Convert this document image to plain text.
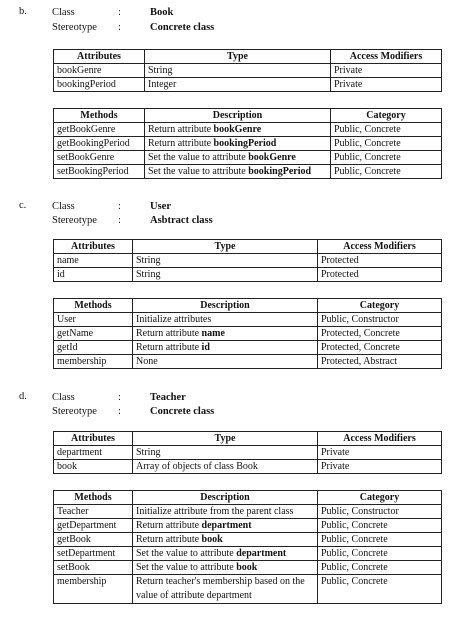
b. Class	:	Book
Stereotype :	Concrete class
Attributes	Type	Access Modifiers
bookGenre	String	Private
bookingPeriod	Integer	Private
Methods	Description	Category
getBookGenre	Return attribute bookGenre	Public, Concrete
getBookingPeriod	Return attribute bookingPeriod	Public, Concrete
setBookGenre	Set the value to attribute bookGenre	Public, Concrete
setBookingPeriod	Set the value to attribute bookingPeriod	Public, Concrete
c. Class	:	User
Stereotype :	Asbtract class
Attributes	Type	Access Modifiers
name	String	Protected
id	String	Protected
Methods	Description	Category
User	Initialize attributes	Public, Constructor
getName	Return attribute name	Protected, Concrete
getId	Return attribute id	Protected, Concrete
membership	None	Protected, Abstract
d. Class	:	Teacher
Stereotype :	Concrete class
Attributes	Type	Access Modifiers
department	String	Private
book	Array of objects of class Book	Private
Methods	Description	Category
Teacher	Initialize attribute from the parent class	Public, Constructor
getDepartment	Return attribute department	Public, Concrete
getBook	Return attribute book	Public, Concrete
setDepartment	Set the value to attribute department	Public, Concrete
setBook	Set the value to attribute book	Public, Concrete
membership	Return teacher's membership based on the value of attribute department	Public, Concrete
